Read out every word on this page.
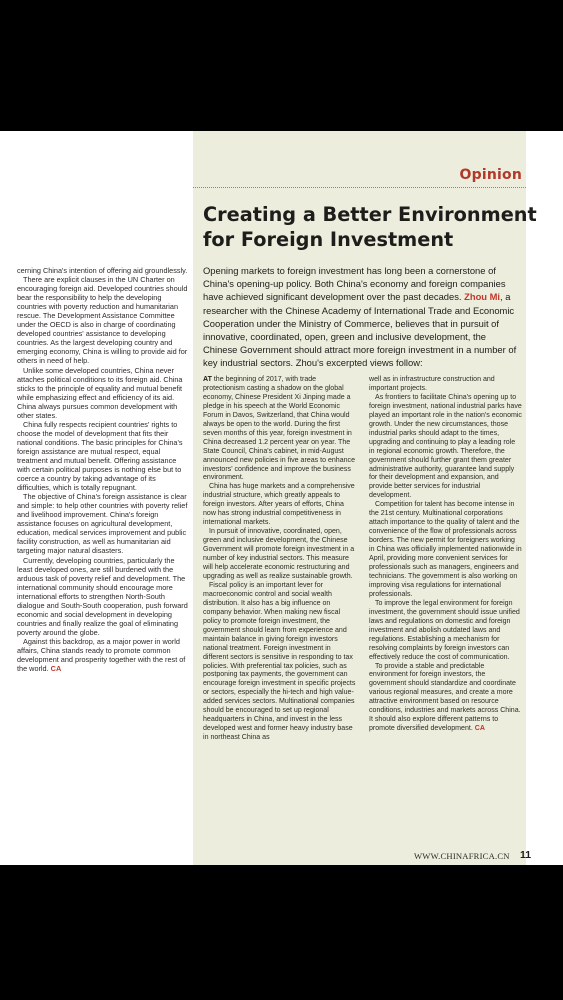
cerning China's intention of offering aid groundlessly.

There are explicit clauses in the UN Charter on encouraging foreign aid. Developed countries should bear the responsibility to help the developing countries with poverty reduction and humanitarian rescue. The Development Assistance Committee under the OECD is also in charge of coordinating developed countries' assistance to developing countries. As the largest developing country and emerging economy, China is willing to provide aid for others in need of help.

Unlike some developed countries, China never attaches political conditions to its foreign aid. China sticks to the principle of equality and mutual benefit while emphasizing effect and efficiency of its aid. China always pursues common development with other states.

China fully respects recipient countries' rights to choose the model of development that fits their national conditions. The basic principles for China's foreign assistance are mutual respect, equal treatment and mutual benefit. Offering assistance with certain political purposes is nothing else but to coerce a country by taking advantage of its difficulties, which is totally repugnant.

The objective of China's foreign assistance is clear and simple: to help other countries with poverty relief and livelihood improvement. China's foreign assistance focuses on agricultural development, education, medical services improvement and public facility construction, as well as humanitarian aid targeting major natural disasters.

Currently, developing countries, particularly the least developed ones, are still burdened with the arduous task of poverty relief and development. The international community should encourage more international efforts to strengthen North-South dialogue and South-South cooperation, push forward economic and social development in developing countries and finally realize the goal of eliminating poverty around the globe.

Against this backdrop, as a major power in world affairs, China stands ready to promote common development and prosperity together with the rest of the world. CA

Opinion
Creating a Better Environment
for Foreign Investment
Opening markets to foreign investment has long been a cornerstone of China's opening-up policy. Both China's economy and foreign companies have achieved significant development over the past decades. Zhou Mi, a researcher with the Chinese Academy of International Trade and Economic Cooperation under the Ministry of Commerce, believes that in pursuit of innovative, coordinated, open, green and inclusive development, the Chinese Government should attract more foreign investment in a number of key industrial sectors. Zhou's excerpted views follow:

AT the beginning of 2017, with trade protectionism casting a shadow on the global economy, Chinese President Xi Jinping made a pledge in his speech at the World Economic Forum in Davos, Switzerland, that China would always be open to the world. During the first seven months of this year, foreign investment in China decreased 1.2 percent year on year. The State Council, China's cabinet, in mid-August announced new policies in five areas to enhance investors' confidence and improve the business environment.

China has huge markets and a comprehensive industrial structure, which greatly appeals to foreign investors. After years of efforts, China now has strong industrial competitiveness in international markets.

In pursuit of innovative, coordinated, open, green and inclusive development, the Chinese Government will promote foreign investment in a number of key industrial sectors. This measure will help accelerate economic restructuring and upgrading as well as realize sustainable growth.

Fiscal policy is an important lever for macroeconomic control and social wealth distribution. It also has a big influence on company behavior. When making new fiscal policy to promote foreign investment, the government should learn from experience and maintain balance in giving foreign investors national treatment. Foreign investment in different sectors is sensitive in responding to tax policies. With preferential tax policies, such as postponing tax payments, the government can encourage foreign investment in specific projects or sectors, especially the hi-tech and high value-added services sectors. Multinational companies should be encouraged to set up regional headquarters in China, and invest in the less developed west and former heavy industry base in northeast China as

well as in infrastructure construction and important projects.

As frontiers to facilitate China's opening up to foreign investment, national industrial parks have played an important role in the nation's economic growth. Under the new circumstances, those industrial parks should adapt to the times, upgrading and continuing to play a leading role in regional economic growth. Therefore, the government should further grant them greater administrative authority, guarantee land supply for their development and expansion, and provide better services for industrial development.

Competition for talent has become intense in the 21st century. Multinational corporations attach importance to the quality of talent and the convenience of the flow of professionals across borders. The new permit for foreigners working in China was officially implemented nationwide in April, providing more convenient services for professionals such as managers, engineers and technicians. The government is also working on improving visa regulations for international professionals.

To improve the legal environment for foreign investment, the government should issue unified laws and regulations on domestic and foreign investment and abolish outdated laws and regulations. Establishing a mechanism for resolving complaints by foreign investors can effectively reduce the cost of communication.

To provide a stable and predictable environment for foreign investors, the government should standardize and coordinate various regional measures, and create a more attractive environment based on resource conditions, industries and markets across China. It should also explore different patterns to promote diversified development. CA

WWW.CHINAFRICA.CN 11
